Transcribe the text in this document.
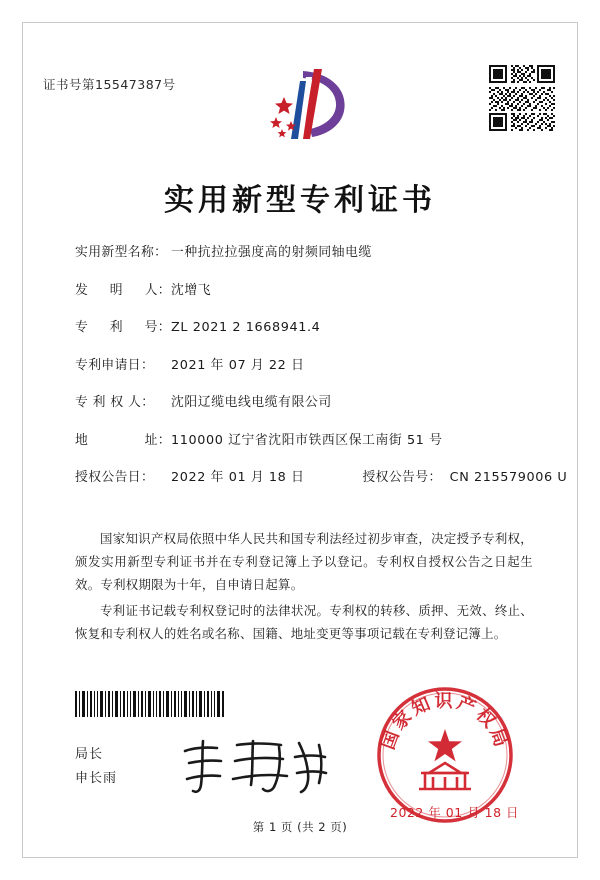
证书号第15547387号
实用新型专利证书
实用新型名称： 一种抗拉拉强度高的射频同轴电缆
发 明 人： 沈增飞
专 利 号： ZL 2021 2 1668941.4
专利申请日：	2021 年 07 月 22 日
专 利 权 人：	沈阳辽缆电线电缆有限公司
地	址： 110000 辽宁省沈阳市铁西区保工南街 51 号
授权公告日：	2022 年 01 月 18 日	授权公告号： CN 215579006 U

国家知识产权局依照中华人民共和国专利法经过初步审查，决定授予专利权，颁发实用新型专利证书并在专利登记簿上予以登记。专利权自授权公告之日起生效。专利权期限为十年，自申请日起算。

专利证书记载专利权登记时的法律状况。专利权的转移、质押、无效、终止、恢复和专利权人的姓名或名称、国籍、地址变更等事项记载在专利登记簿上。

局长
申长雨
国家知识产权局
2022 年 01 月 18 日
第 1 页 (共 2 页)
